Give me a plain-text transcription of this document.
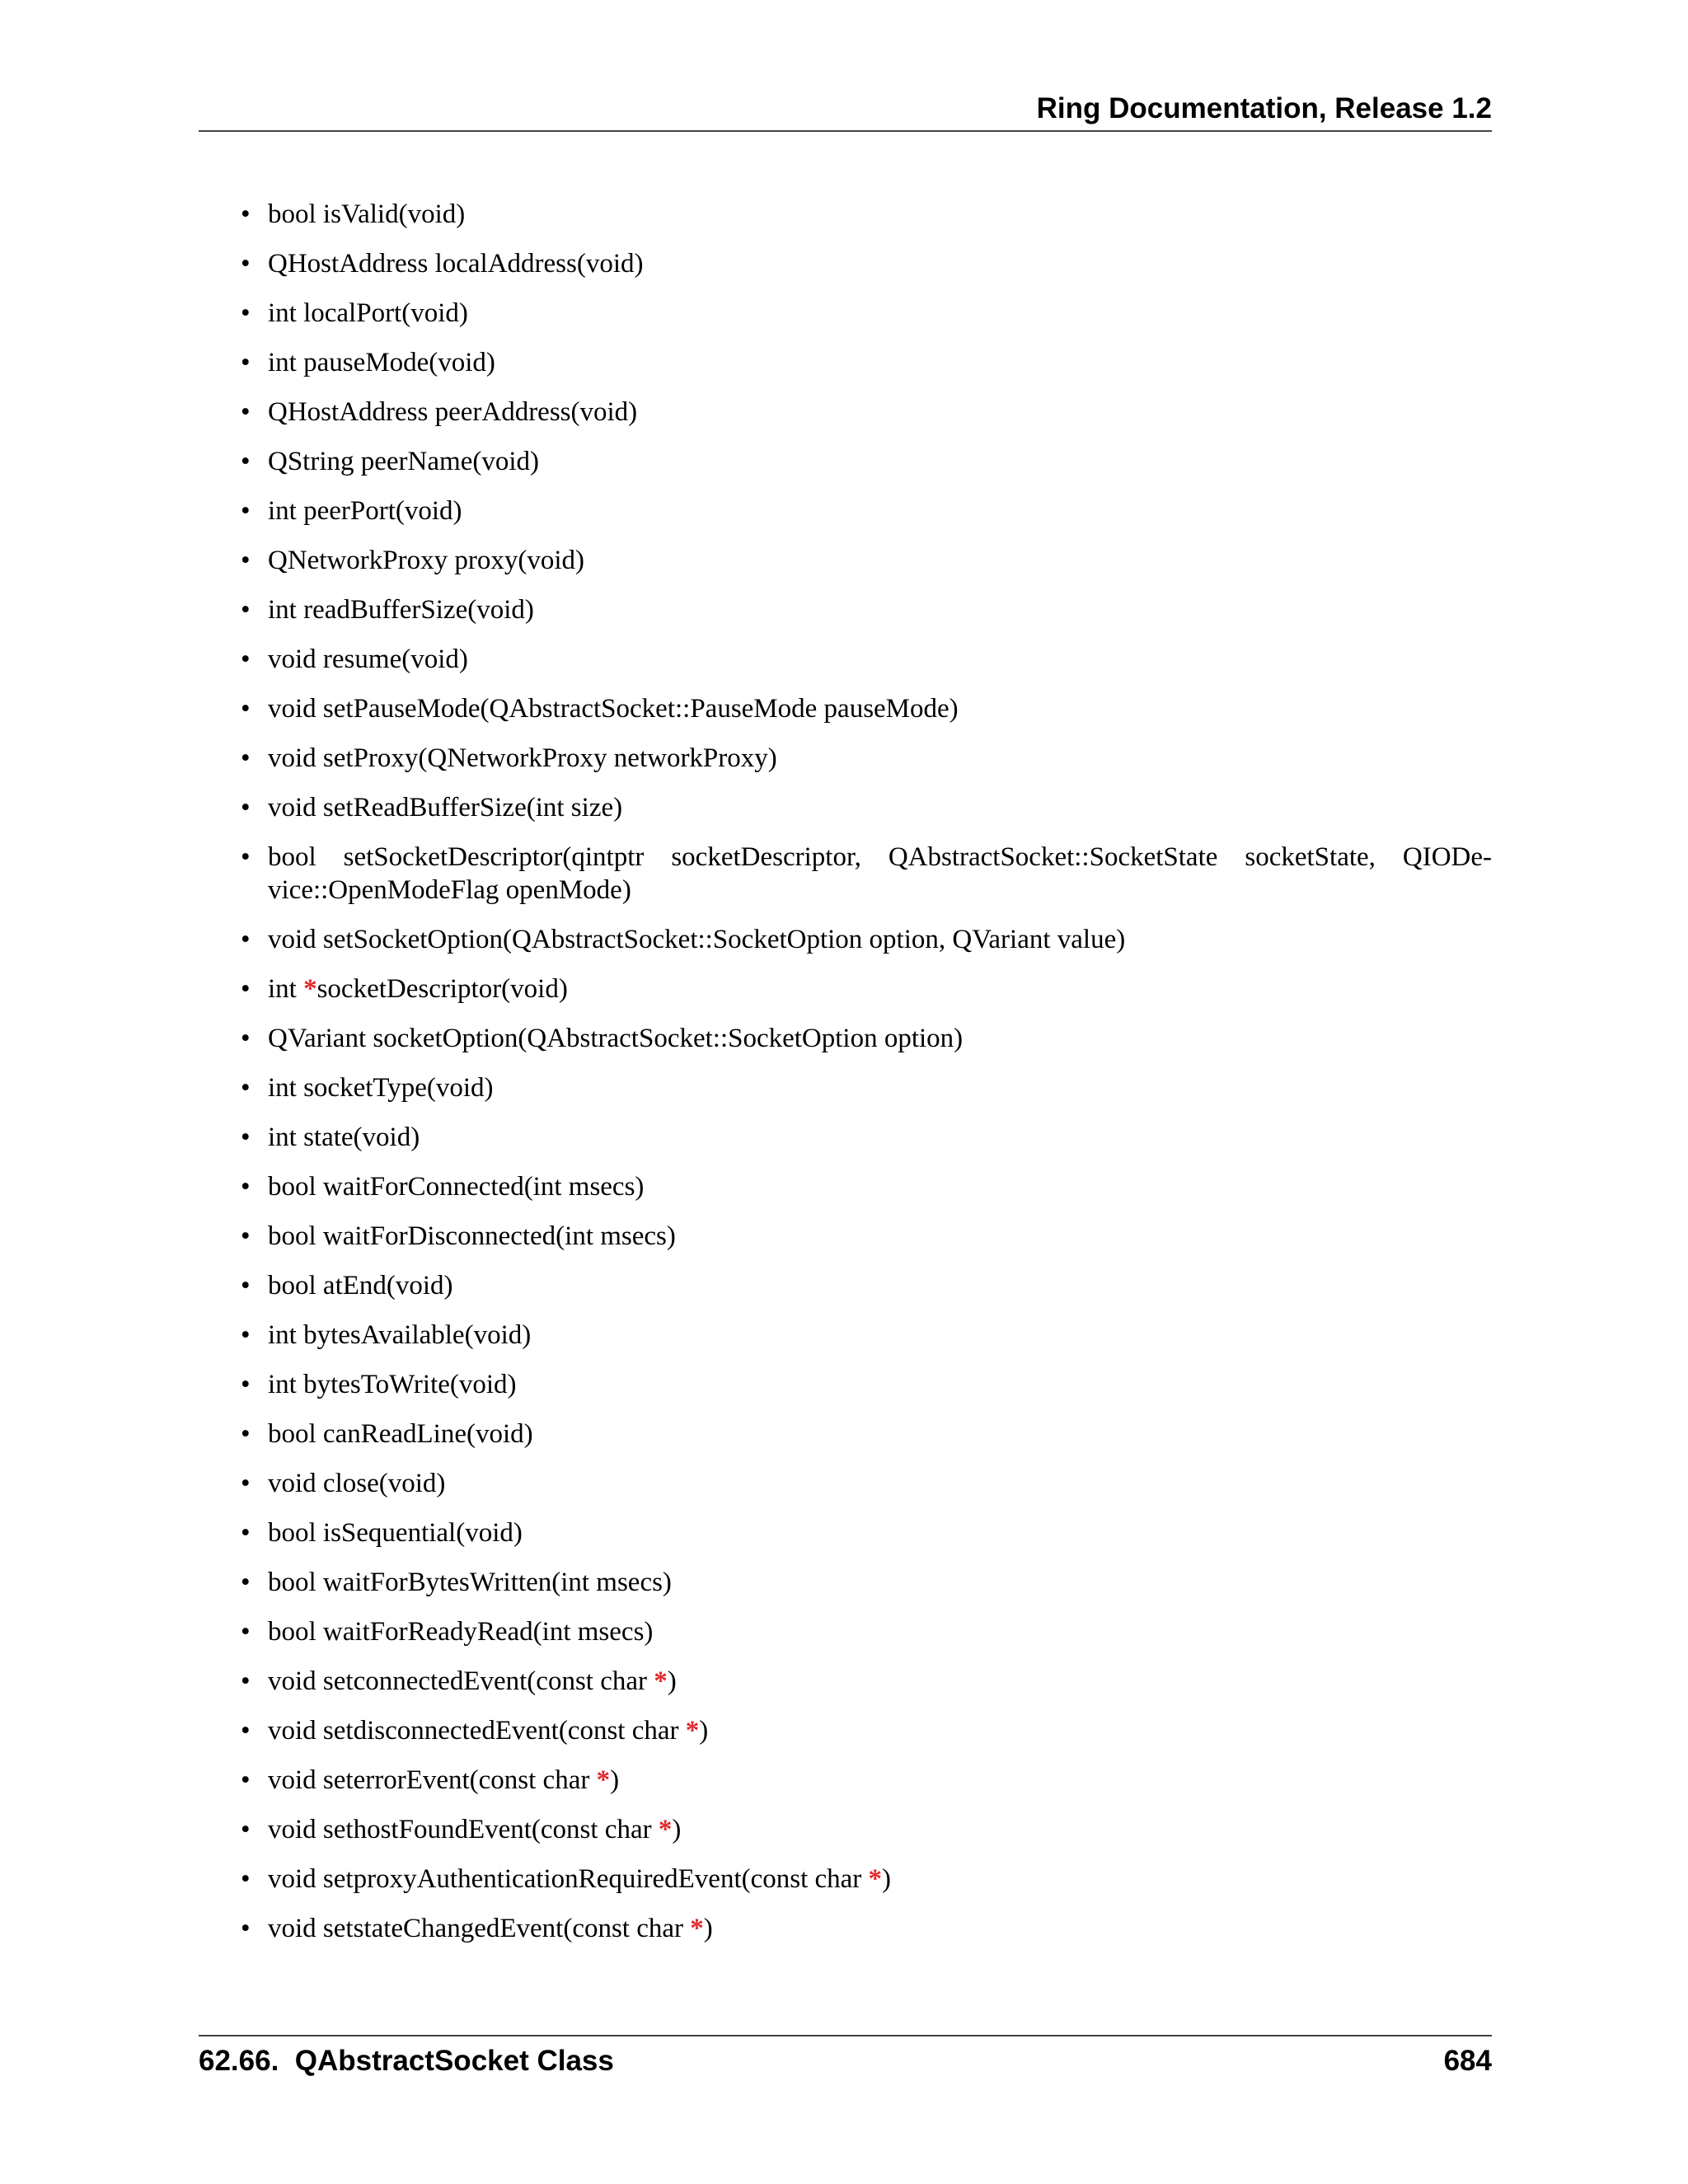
Ring Documentation, Release 1.2
• bool isValid(void)
• QHostAddress localAddress(void)
• int localPort(void)
• int pauseMode(void)
• QHostAddress peerAddress(void)
• QString peerName(void)
• int peerPort(void)
• QNetworkProxy proxy(void)
• int readBufferSize(void)
• void resume(void)
• void setPauseMode(QAbstractSocket::PauseMode pauseMode)
• void setProxy(QNetworkProxy networkProxy)
• void setReadBufferSize(int size)
• bool setSocketDescriptor(qintptr socketDescriptor, QAbstractSocket::SocketState socketState, QIODe-vice::OpenModeFlag openMode)
• void setSocketOption(QAbstractSocket::SocketOption option, QVariant value)
• int *socketDescriptor(void)
• QVariant socketOption(QAbstractSocket::SocketOption option)
• int socketType(void)
• int state(void)
• bool waitForConnected(int msecs)
• bool waitForDisconnected(int msecs)
• bool atEnd(void)
• int bytesAvailable(void)
• int bytesToWrite(void)
• bool canReadLine(void)
• void close(void)
• bool isSequential(void)
• bool waitForBytesWritten(int msecs)
• bool waitForReadyRead(int msecs)
• void setconnectedEvent(const char *)
• void setdisconnectedEvent(const char *)
• void seterrorEvent(const char *)
• void sethostFoundEvent(const char *)
• void setproxyAuthenticationRequiredEvent(const char *)
• void setstateChangedEvent(const char *)
62.66.  QAbstractSocket Class	684
